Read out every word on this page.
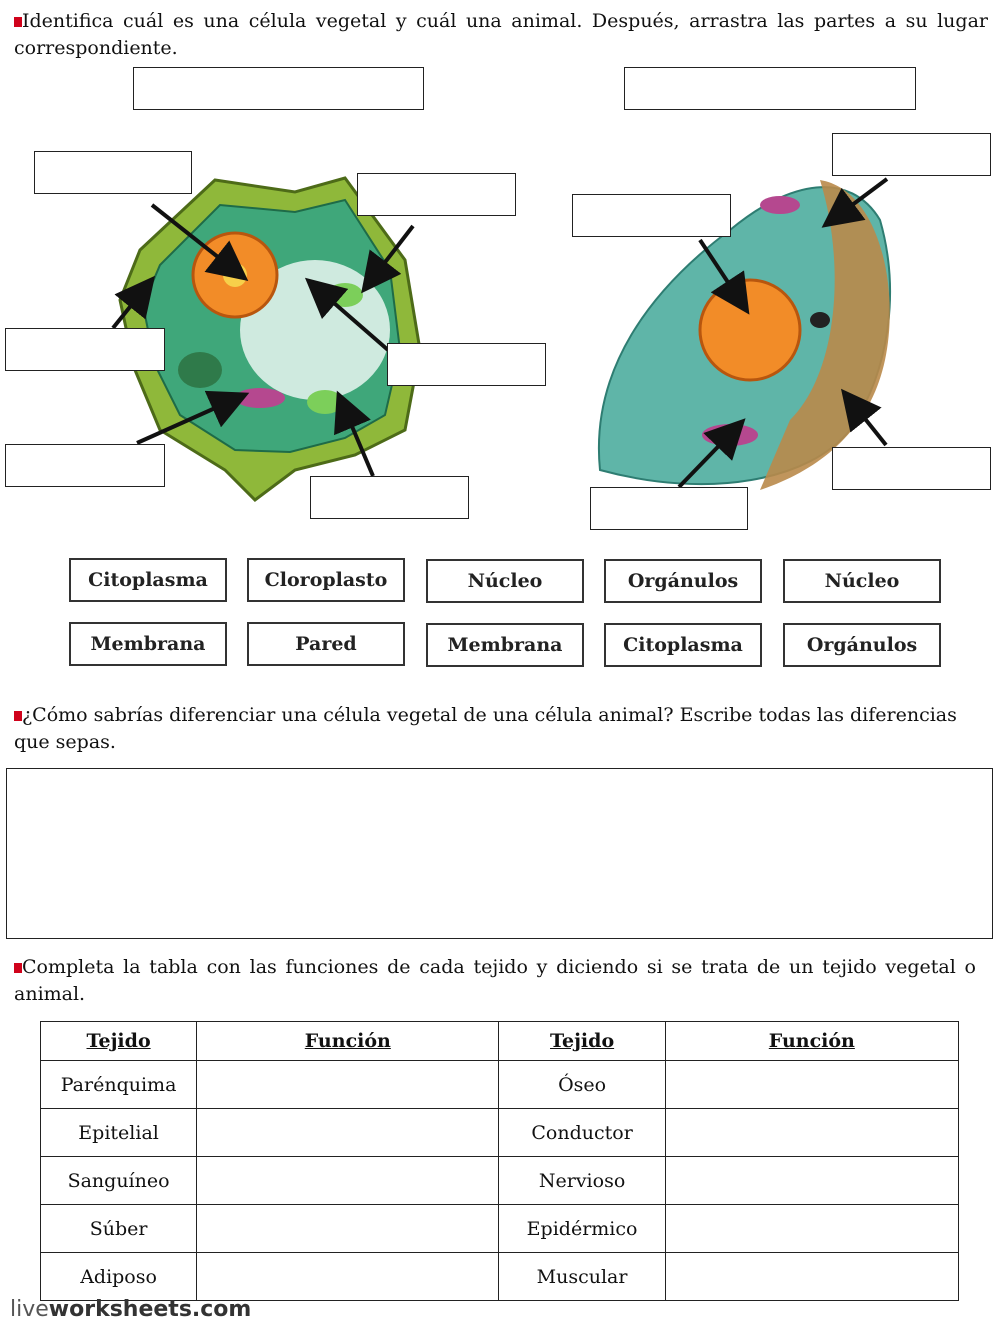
Identifica cuál es una célula vegetal y cuál una animal. Después, arrastra las partes a su lugar correspondiente.
Citoplasma	Cloroplasto	Núcleo	Orgánulos	Núcleo
Membrana	Pared	Membrana	Citoplasma	Orgánulos
¿Cómo sabrías diferenciar una célula vegetal de una célula animal? Escribe todas las diferencias que sepas.
Completa la tabla con las funciones de cada tejido y diciendo si se trata de un tejido vegetal o animal.
Tejido	Función	Tejido	Función
Parénquima		Óseo	
Epitelial		Conductor	
Sanguíneo		Nervioso	
Súber		Epidérmico	
Adiposo		Muscular	
liveworksheets.com
